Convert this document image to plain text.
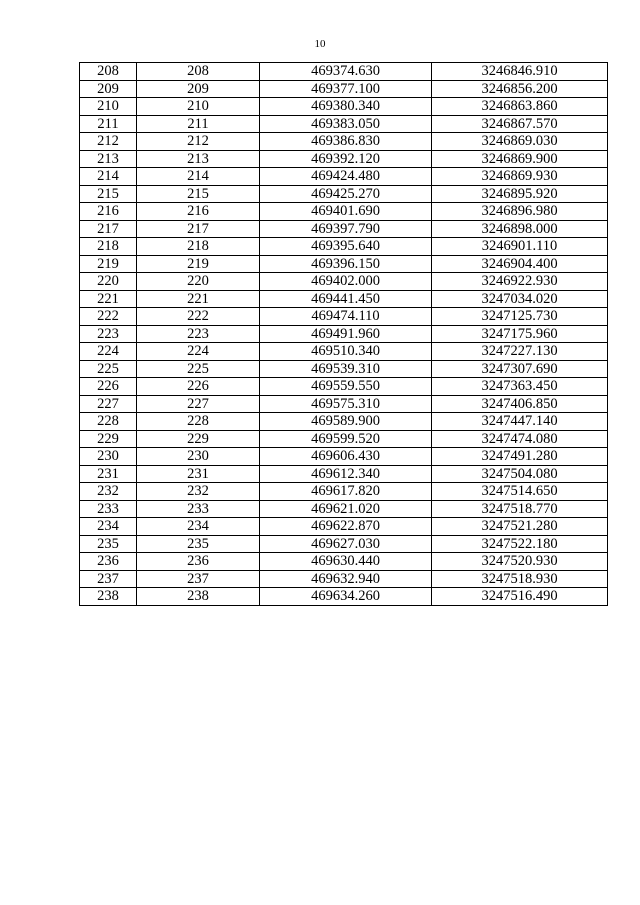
10
208	208	469374.630	3246846.910
209	209	469377.100	3246856.200
210	210	469380.340	3246863.860
211	211	469383.050	3246867.570
212	212	469386.830	3246869.030
213	213	469392.120	3246869.900
214	214	469424.480	3246869.930
215	215	469425.270	3246895.920
216	216	469401.690	3246896.980
217	217	469397.790	3246898.000
218	218	469395.640	3246901.110
219	219	469396.150	3246904.400
220	220	469402.000	3246922.930
221	221	469441.450	3247034.020
222	222	469474.110	3247125.730
223	223	469491.960	3247175.960
224	224	469510.340	3247227.130
225	225	469539.310	3247307.690
226	226	469559.550	3247363.450
227	227	469575.310	3247406.850
228	228	469589.900	3247447.140
229	229	469599.520	3247474.080
230	230	469606.430	3247491.280
231	231	469612.340	3247504.080
232	232	469617.820	3247514.650
233	233	469621.020	3247518.770
234	234	469622.870	3247521.280
235	235	469627.030	3247522.180
236	236	469630.440	3247520.930
237	237	469632.940	3247518.930
238	238	469634.260	3247516.490
